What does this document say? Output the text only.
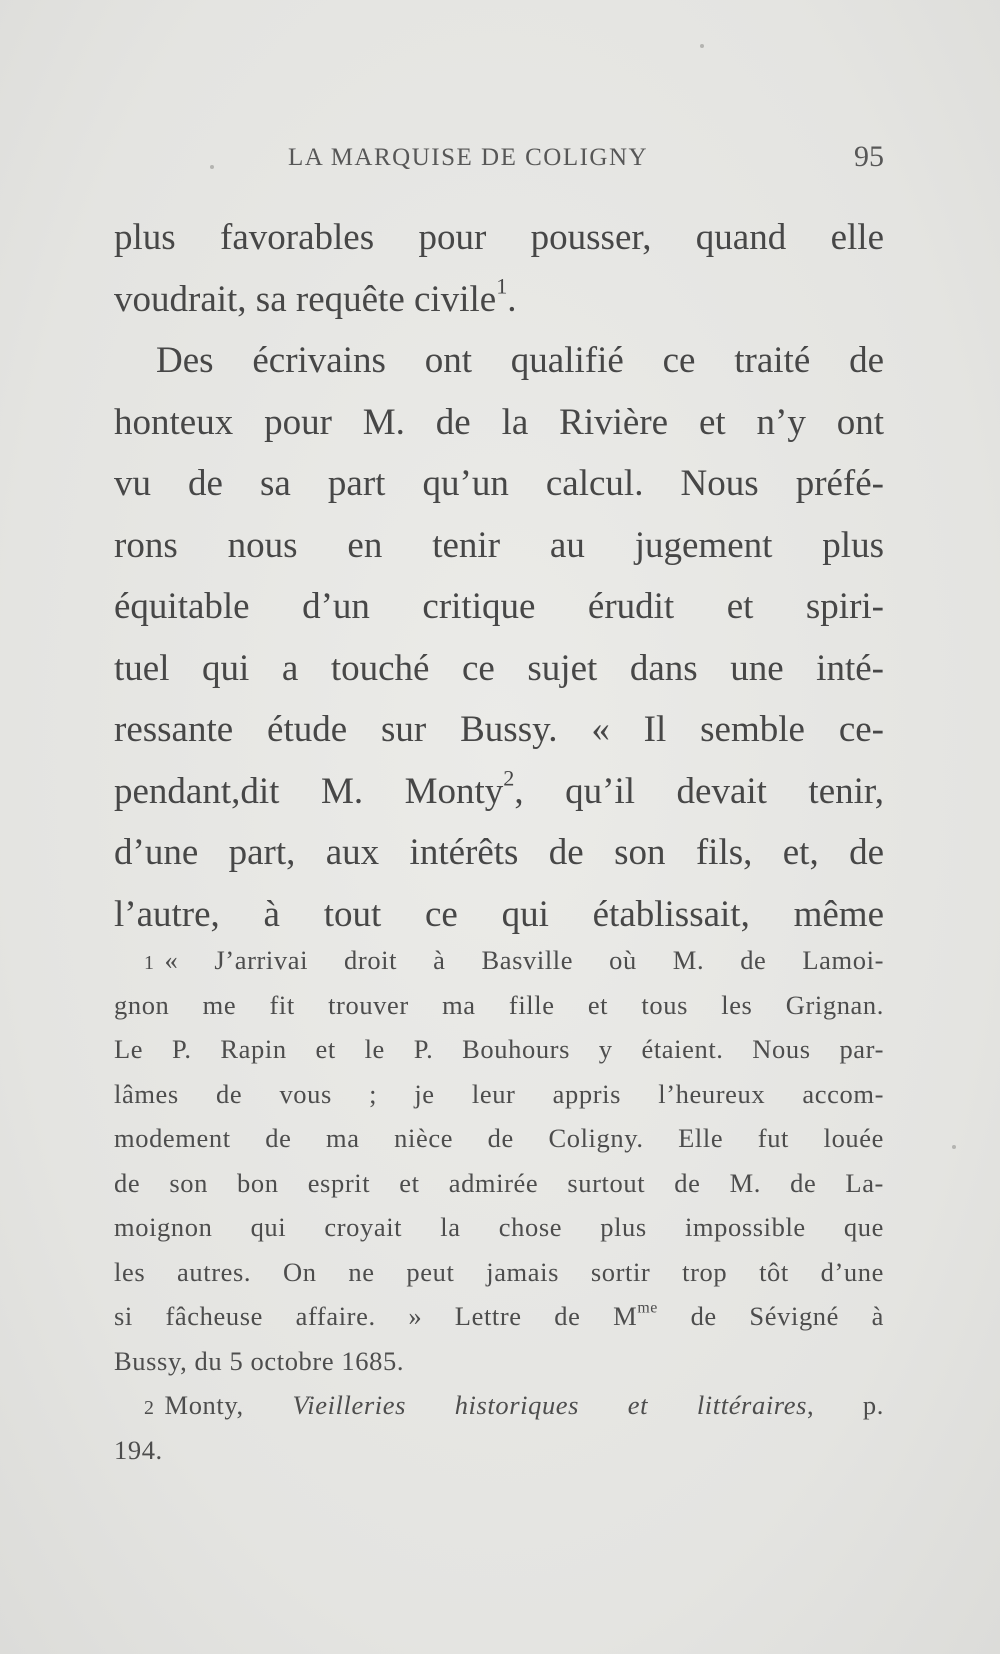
LA MARQUISE DE COLIGNY	95
plus favorables pour pousser, quand elle
voudrait, sa requête civile$^1$.
Des écrivains ont qualifié ce traité de
honteux pour M. de la Rivière et n’y ont
vu de sa part qu’un calcul. Nous préfé-
rons nous en tenir au jugement plus
équitable d’un critique érudit et spiri-
tuel qui a touché ce sujet dans une inté-
ressante étude sur Bussy. « Il semble ce-
pendant,dit M. Monty$^2$, qu’il devait tenir,
d’une part, aux intérêts de son fils, et, de
l’autre, à tout ce qui établissait, même
1 « J’arrivai droit à Basville où M. de Lamoi-
gnon me fit trouver ma fille et tous les Grignan.
Le P. Rapin et le P. Bouhours y étaient. Nous par-
lâmes de vous ; je leur appris l’heureux accom-
modement de ma nièce de Coligny. Elle fut louée
de son bon esprit et admirée surtout de M. de La-
moignon qui croyait la chose plus impossible que
les autres. On ne peut jamais sortir trop tôt d’une
si fâcheuse affaire. » Lettre de $M^{me}$ de Sévigné à
Bussy, du 5 octobre 1685.
2 Monty, Vieilleries historiques et littéraires, p.
194.
